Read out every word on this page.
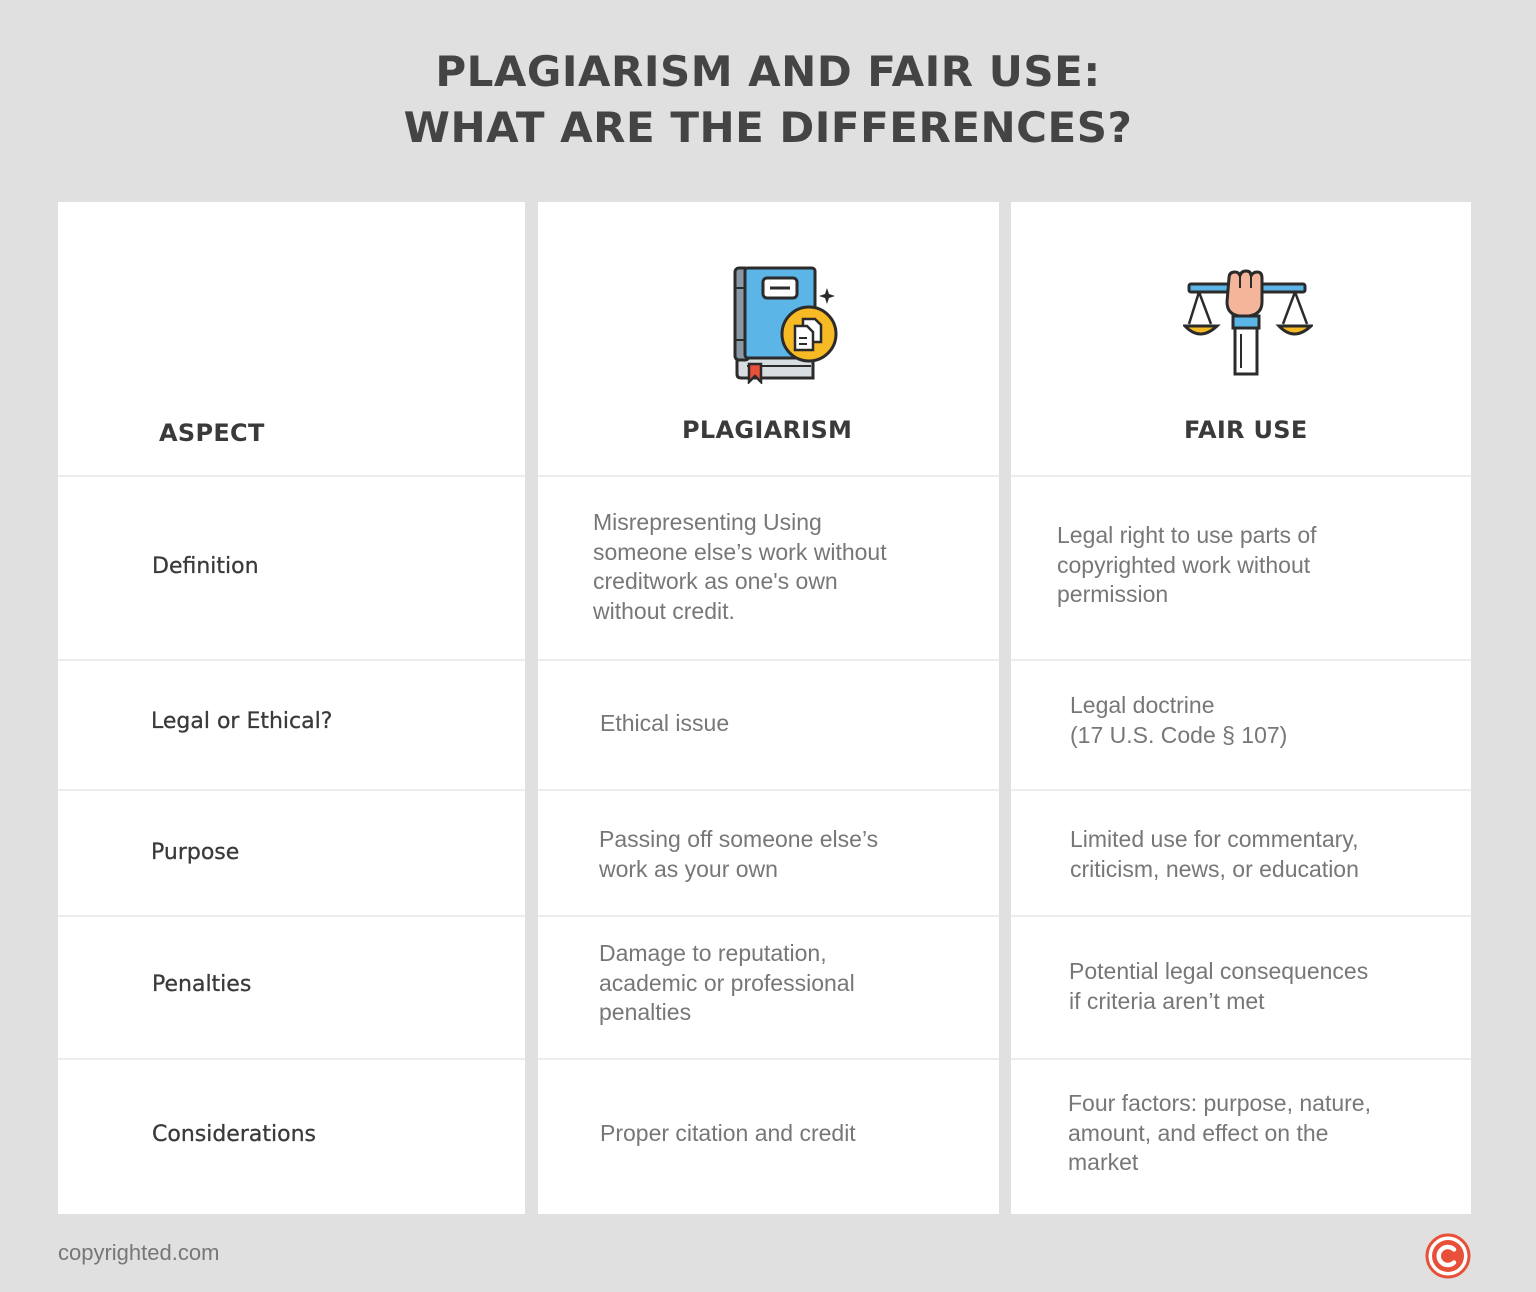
PLAGIARISM AND FAIR USE:
WHAT ARE THE DIFFERENCES?
ASPECT
Definition
Legal or Ethical?
Purpose
Penalties
Considerations
PLAGIARISM
Misrepresenting Using
someone else’s work without
creditwork as one's own
without credit.
Ethical issue
Passing off someone else’s
work as your own
Damage to reputation,
academic or professional
penalties
Proper citation and credit
FAIR USE
Legal right to use parts of
copyrighted work without
permission
Legal doctrine
(17 U.S. Code § 107)
Limited use for commentary,
criticism, news, or education
Potential legal consequences
if criteria aren’t met
Four factors: purpose, nature,
amount, and effect on the
market
copyrighted.com
